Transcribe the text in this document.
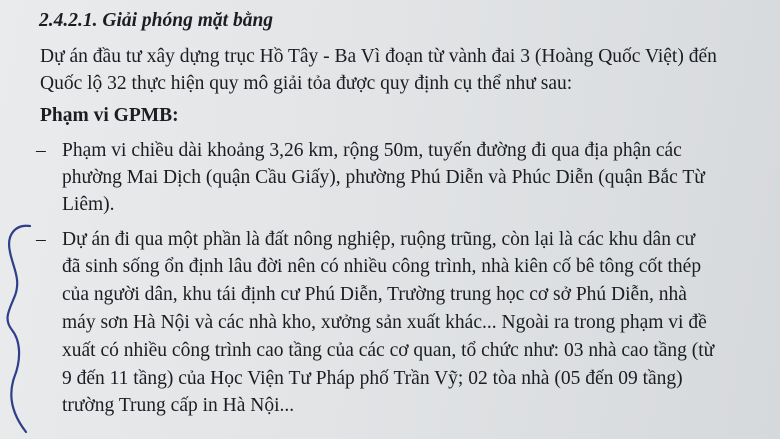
2.4.2.1. Giải phóng mặt bằng
Dự án đầu tư xây dựng trục Hồ Tây - Ba Vì đoạn từ vành đai 3 (Hoàng Quốc Việt) đến
Quốc lộ 32 thực hiện quy mô giải tỏa được quy định cụ thể như sau:
Phạm vi GPMB:
– Phạm vi chiều dài khoảng 3,26 km, rộng 50m, tuyến đường đi qua địa phận các
phường Mai Dịch (quận Cầu Giấy), phường Phú Diễn và Phúc Diễn (quận Bắc Từ
Liêm).
– Dự án đi qua một phần là đất nông nghiệp, ruộng trũng, còn lại là các khu dân cư
đã sinh sống ổn định lâu đời nên có nhiều công trình, nhà kiên cố bê tông cốt thép
của người dân, khu tái định cư Phú Diễn, Trường trung học cơ sở Phú Diễn, nhà
máy sơn Hà Nội và các nhà kho, xưởng sản xuất khác... Ngoài ra trong phạm vi đề
xuất có nhiều công trình cao tầng của các cơ quan, tổ chức như: 03 nhà cao tầng (từ
9 đến 11 tầng) của Học Viện Tư Pháp phố Trần Vỹ; 02 tòa nhà (05 đến 09 tầng)
trường Trung cấp in Hà Nội...
